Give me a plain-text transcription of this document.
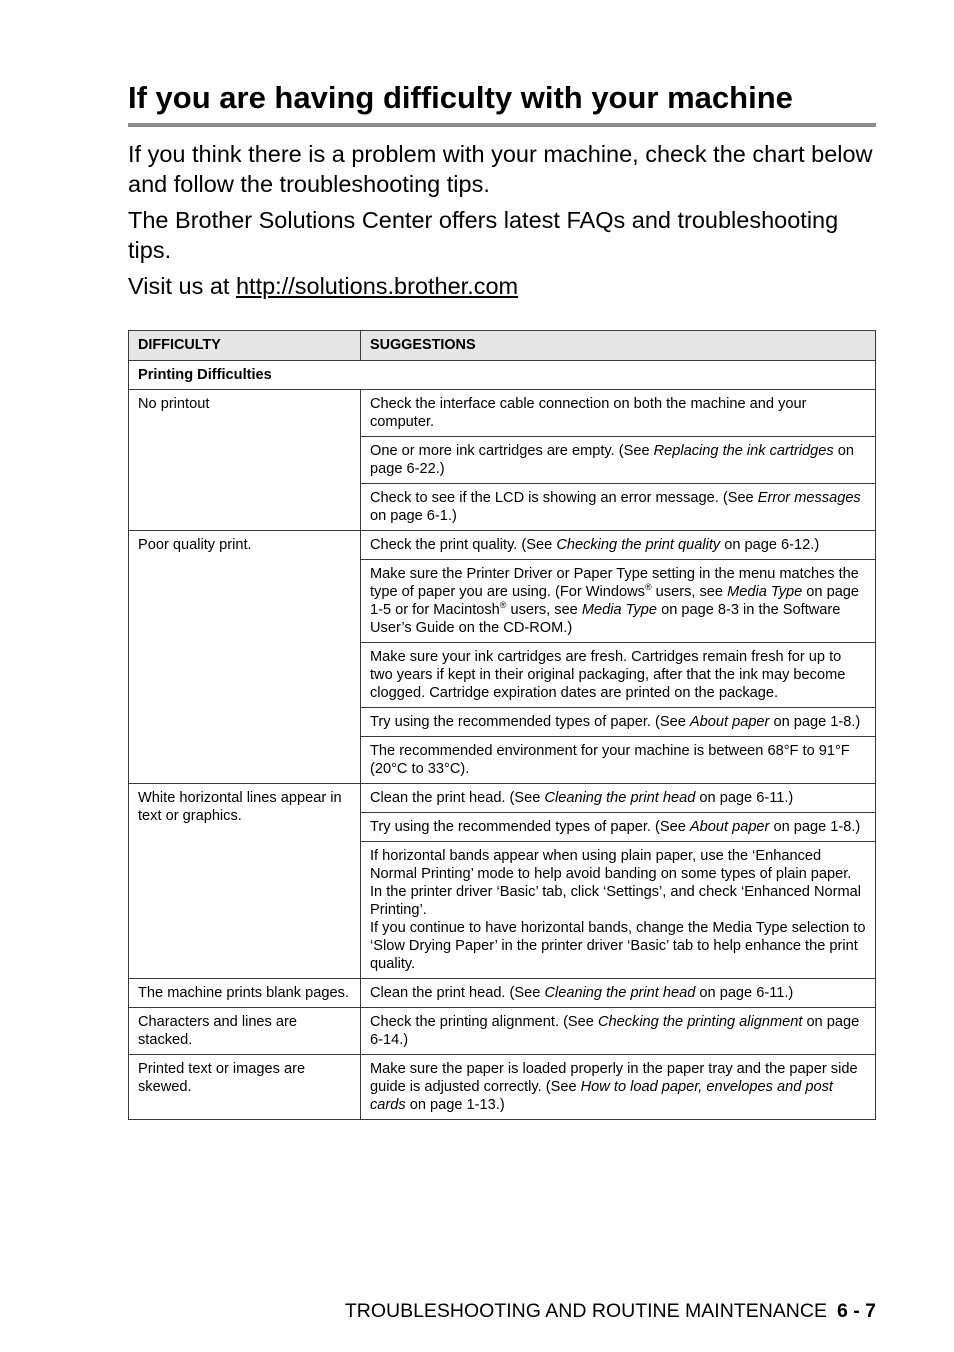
If you are having difficulty with your machine

If you think there is a problem with your machine, check the chart below and follow the troubleshooting tips.

The Brother Solutions Center offers latest FAQs and troubleshooting tips.

Visit us at http://solutions.brother.com

DIFFICULTY	SUGGESTIONS
Printing Difficulties	
No printout	Check the interface cable connection on both the machine and your computer.
	One or more ink cartridges are empty. (See Replacing the ink cartridges on page 6-22.)
	Check to see if the LCD is showing an error message. (See Error messages on page 6-1.)
Poor quality print.	Check the print quality. (See Checking the print quality on page 6-12.)
	Make sure the Printer Driver or Paper Type setting in the menu matches the type of paper you are using. (For Windows® users, see Media Type on page 1-5 or for Macintosh® users, see Media Type on page 8-3 in the Software User’s Guide on the CD-ROM.)
	Make sure your ink cartridges are fresh. Cartridges remain fresh for up to two years if kept in their original packaging, after that the ink may become clogged. Cartridge expiration dates are printed on the package.
	Try using the recommended types of paper. (See About paper on page 1-8.)
	The recommended environment for your machine is between 68°F to 91°F (20°C to 33°C).
White horizontal lines appear in text or graphics.	Clean the print head. (See Cleaning the print head on page 6-11.)
	Try using the recommended types of paper. (See About paper on page 1-8.)
	If horizontal bands appear when using plain paper, use the ‘Enhanced Normal Printing’ mode to help avoid banding on some types of plain paper. In the printer driver ‘Basic’ tab, click ‘Settings’, and check ‘Enhanced Normal Printing’.
If you continue to have horizontal bands, change the Media Type selection to ‘Slow Drying Paper’ in the printer driver ‘Basic’ tab to help enhance the print quality.
The machine prints blank pages.	Clean the print head. (See Cleaning the print head on page 6-11.)
Characters and lines are stacked.	Check the printing alignment. (See Checking the printing alignment on page 6-14.)
Printed text or images are skewed.	Make sure the paper is loaded properly in the paper tray and the paper side guide is adjusted correctly. (See How to load paper, envelopes and post cards on page 1-13.)
TROUBLESHOOTING AND ROUTINE MAINTENANCE 6 - 7
